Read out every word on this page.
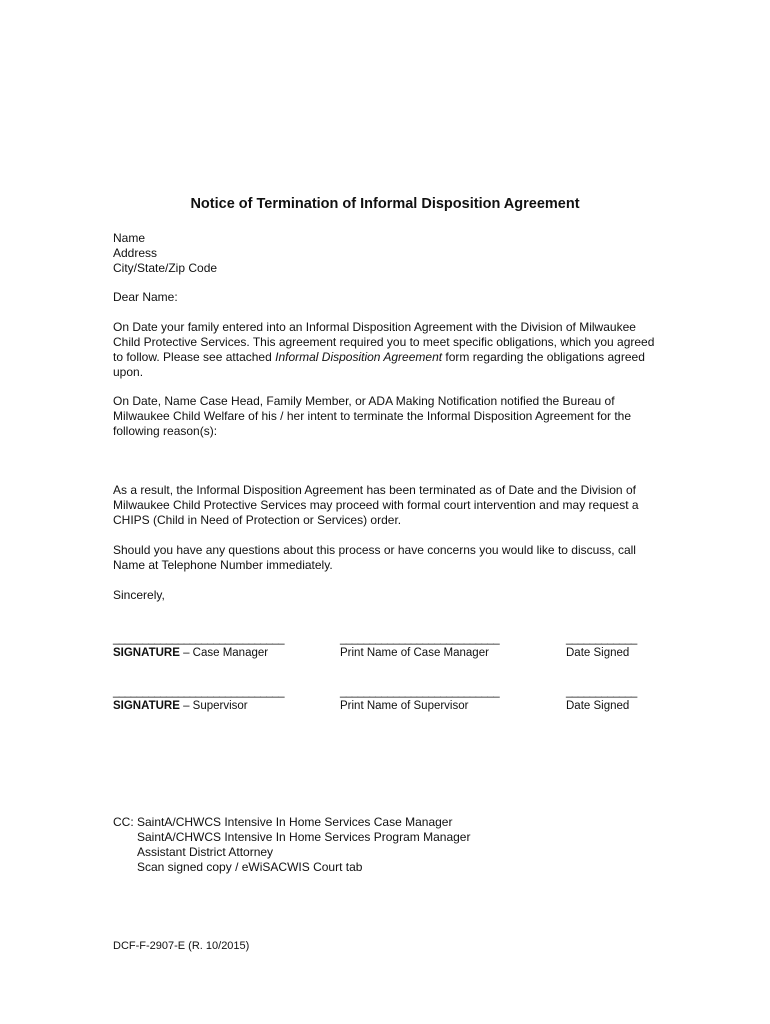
Notice of Termination of Informal Disposition Agreement

Name

Address

City/State/Zip Code

Dear Name:
On Date your family entered into an Informal Disposition Agreement with the Division of Milwaukee Child Protective Services. This agreement required you to meet specific obligations, which you agreed to follow. Please see attached Informal Disposition Agreement form regarding the obligations agreed upon.
On Date, Name Case Head, Family Member, or ADA Making Notification notified the Bureau of Milwaukee Child Welfare of his / her intent to terminate the Informal Disposition Agreement for the following reason(s):
As a result, the Informal Disposition Agreement has been terminated as of Date and the Division of Milwaukee Child Protective Services may proceed with formal court intervention and may request a CHIPS (Child in Need of Protection or Services) order.
Should you have any questions about this process or have concerns you would like to discuss, call Name at Telephone Number immediately.
Sincerely,
_____________________________
SIGNATURE – Case Manager
___________________________
Print Name of Case Manager
____________
Date Signed
_____________________________
SIGNATURE – Supervisor
___________________________
Print Name of Supervisor
____________
Date Signed

CC: SaintA/CHWCS Intensive In Home Services Case Manager

SaintA/CHWCS Intensive In Home Services Program Manager

Assistant District Attorney

Scan signed copy / eWiSACWIS Court tab

DCF-F-2907-E (R. 10/2015)
